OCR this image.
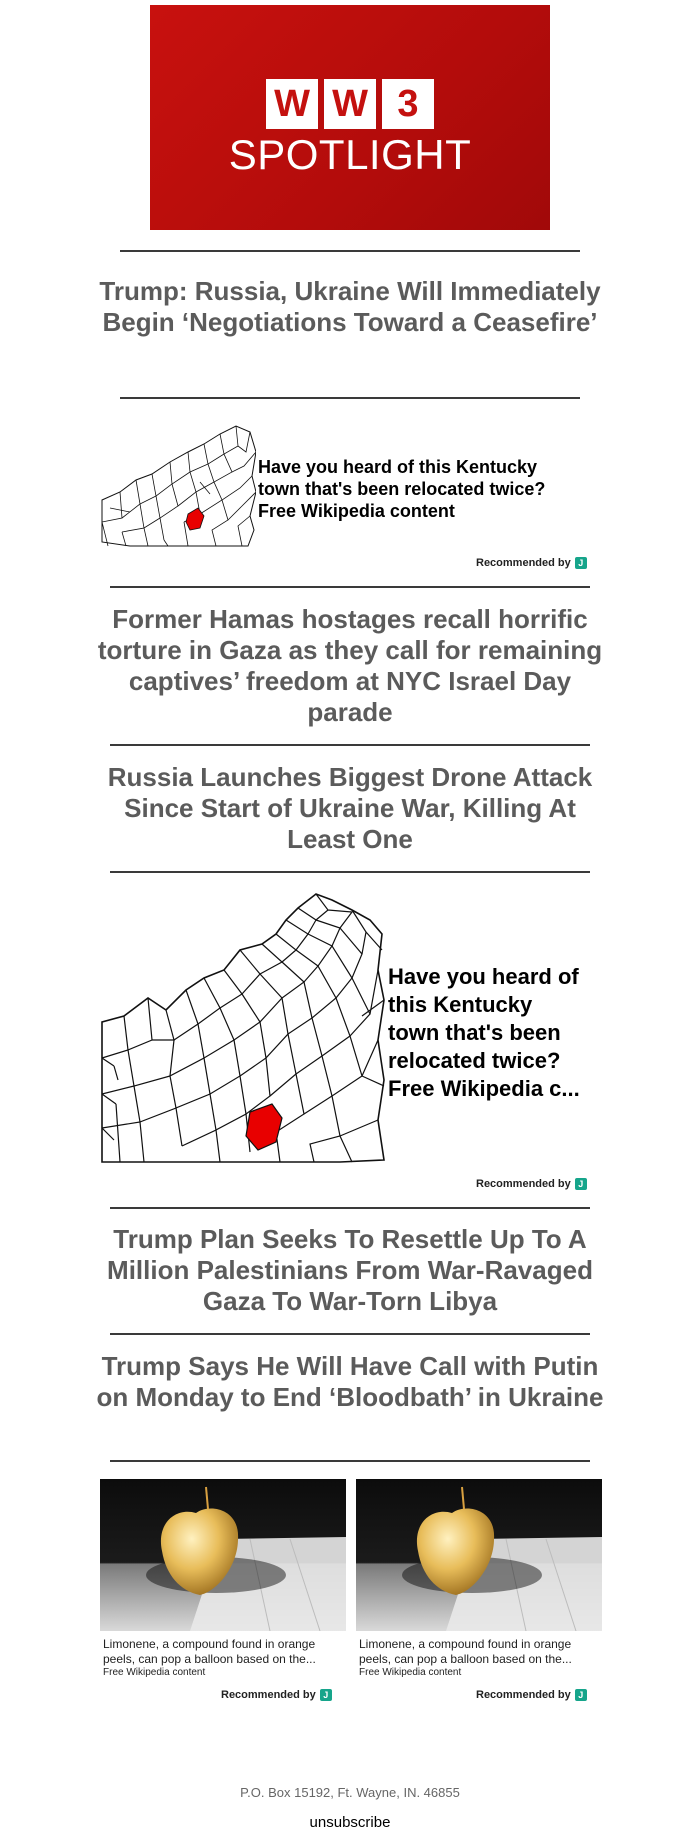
W W 3
SPOTLIGHT
Trump: Russia, Ukraine Will Immediately Begin ‘Negotiations Toward a Ceasefire’
Have you heard of this Kentucky
town that's been relocated twice?
Free Wikipedia content
Recommended by J
Former Hamas hostages recall horrific torture in Gaza as they call for remaining captives’ freedom at NYC Israel Day parade
Russia Launches Biggest Drone Attack Since Start of Ukraine War, Killing At Least One
Have you heard of
this Kentucky
town that's been
relocated twice?
Free Wikipedia c...
Recommended by J
Trump Plan Seeks To Resettle Up To A Million Palestinians From War-Ravaged Gaza To War-Torn Libya
Trump Says He Will Have Call with Putin on Monday to End ‘Bloodbath’ in Ukraine
Limonene, a compound found in orange
peels, can pop a balloon based on the...
Free Wikipedia content
Recommended by J
Limonene, a compound found in orange
peels, can pop a balloon based on the...
Free Wikipedia content
Recommended by J
P.O. Box 15192, Ft. Wayne, IN. 46855
unsubscribe
